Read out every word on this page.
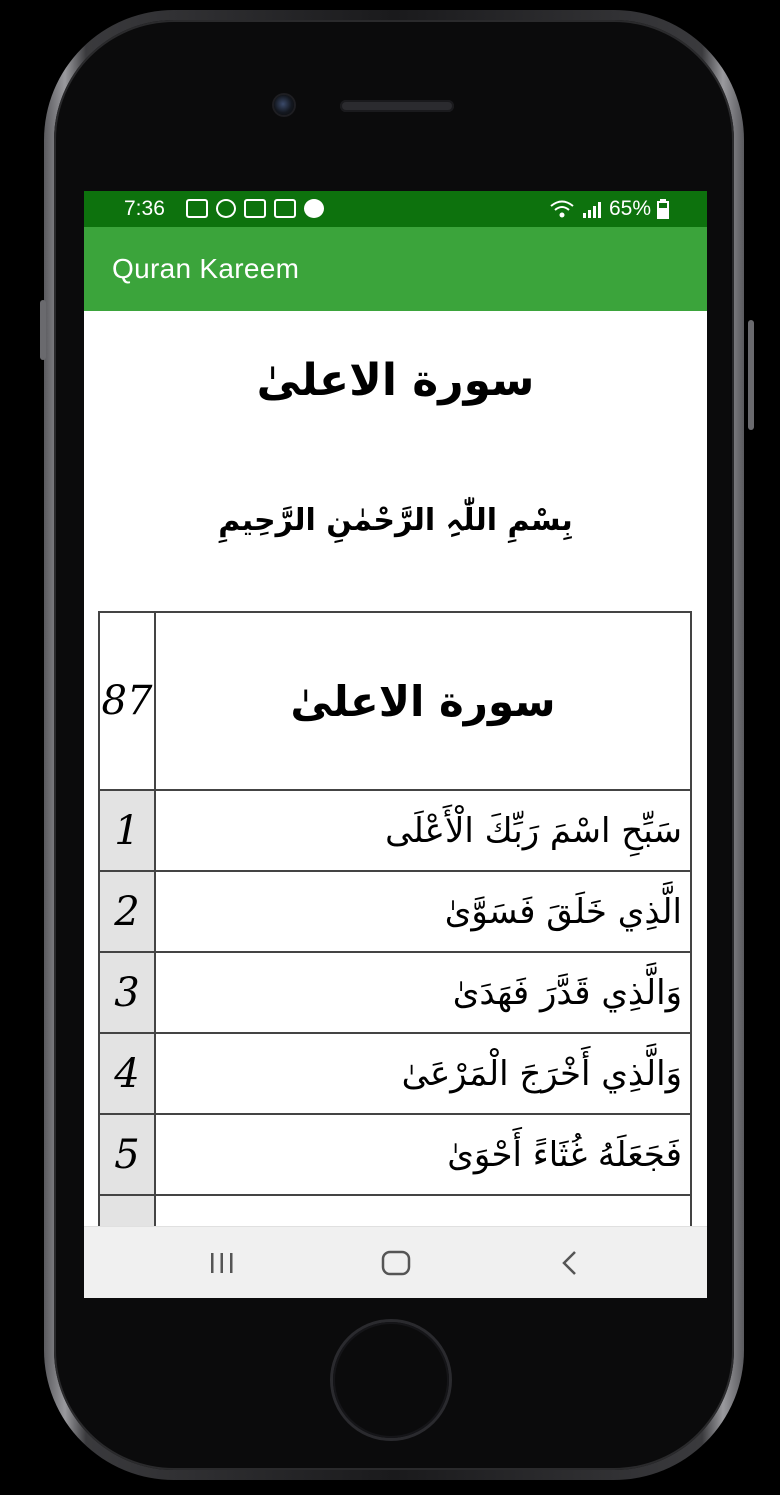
7:36	65%
Quran Kareem
سورة الاعلیٰ
بِسْمِ اللّٰہِ الرَّحْمٰنِ الرَّحِيمِ
87	سورة الاعلیٰ
1	سَبِّحِ اسْمَ رَبِّكَ الْأَعْلَى
2	الَّذِي خَلَقَ فَسَوَّىٰ
3	وَالَّذِي قَدَّرَ فَهَدَىٰ
4	وَالَّذِي أَخْرَجَ الْمَرْعَىٰ
5	فَجَعَلَهُ غُثَاءً أَحْوَىٰ
